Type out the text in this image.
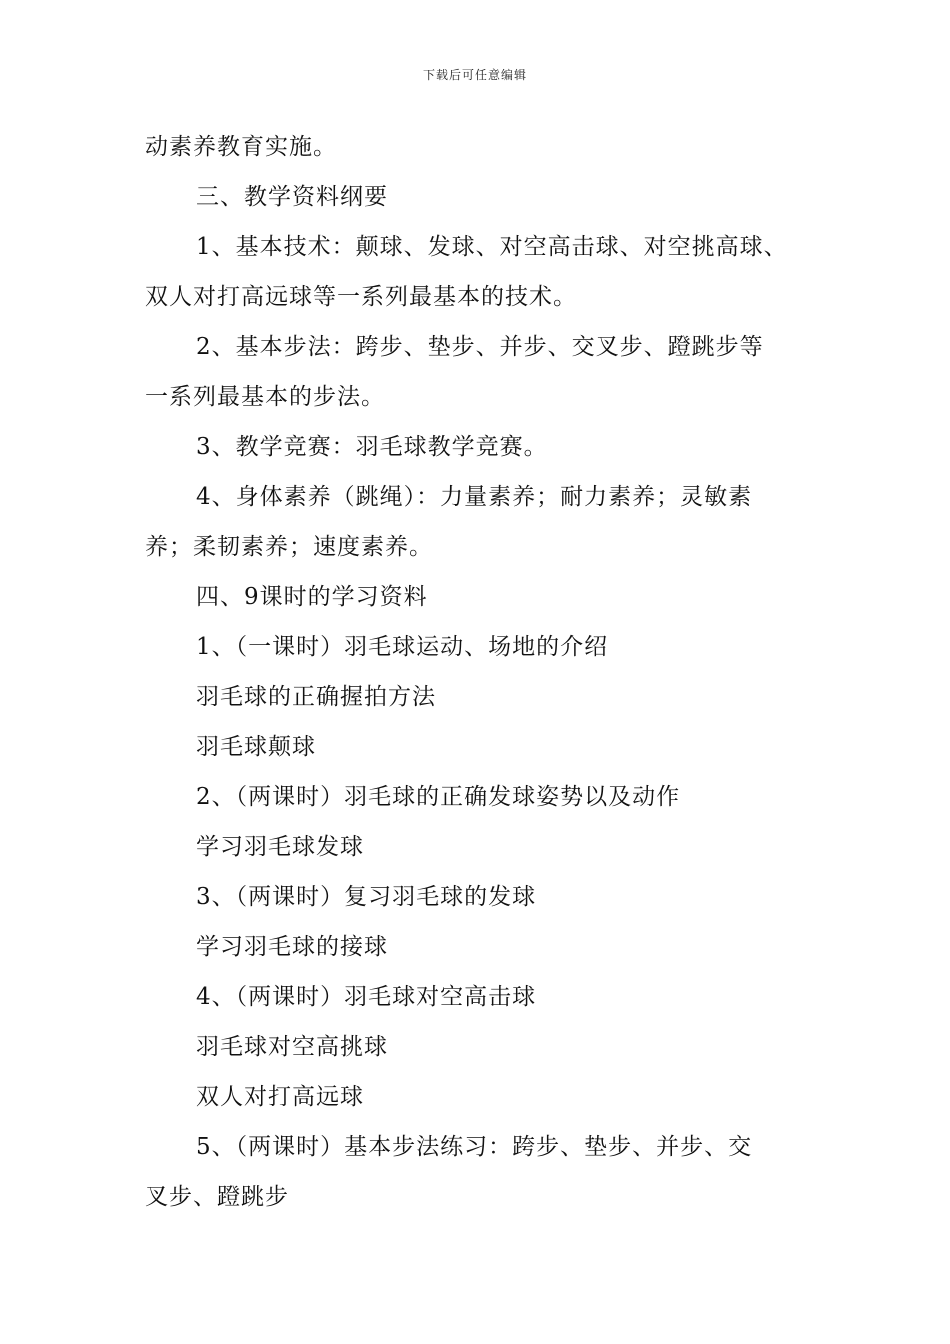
下载后可任意编辑
动素养教育实施。
三、教学资料纲要
1、基本技术：颠球、发球、对空高击球、对空挑高球、
双人对打高远球等一系列最基本的技术。
2、基本步法：跨步、垫步、并步、交叉步、蹬跳步等
一系列最基本的步法。
3、教学竞赛：羽毛球教学竞赛。
4、身体素养（跳绳）：力量素养；耐力素养；灵敏素
养；柔韧素养；速度素养。
四、9课时的学习资料
1、（一课时）羽毛球运动、场地的介绍
羽毛球的正确握拍方法
羽毛球颠球
2、（两课时）羽毛球的正确发球姿势以及动作
学习羽毛球发球
3、（两课时）复习羽毛球的发球
学习羽毛球的接球
4、（两课时）羽毛球对空高击球
羽毛球对空高挑球
双人对打高远球
5、（两课时）基本步法练习：跨步、垫步、并步、交
叉步、蹬跳步
